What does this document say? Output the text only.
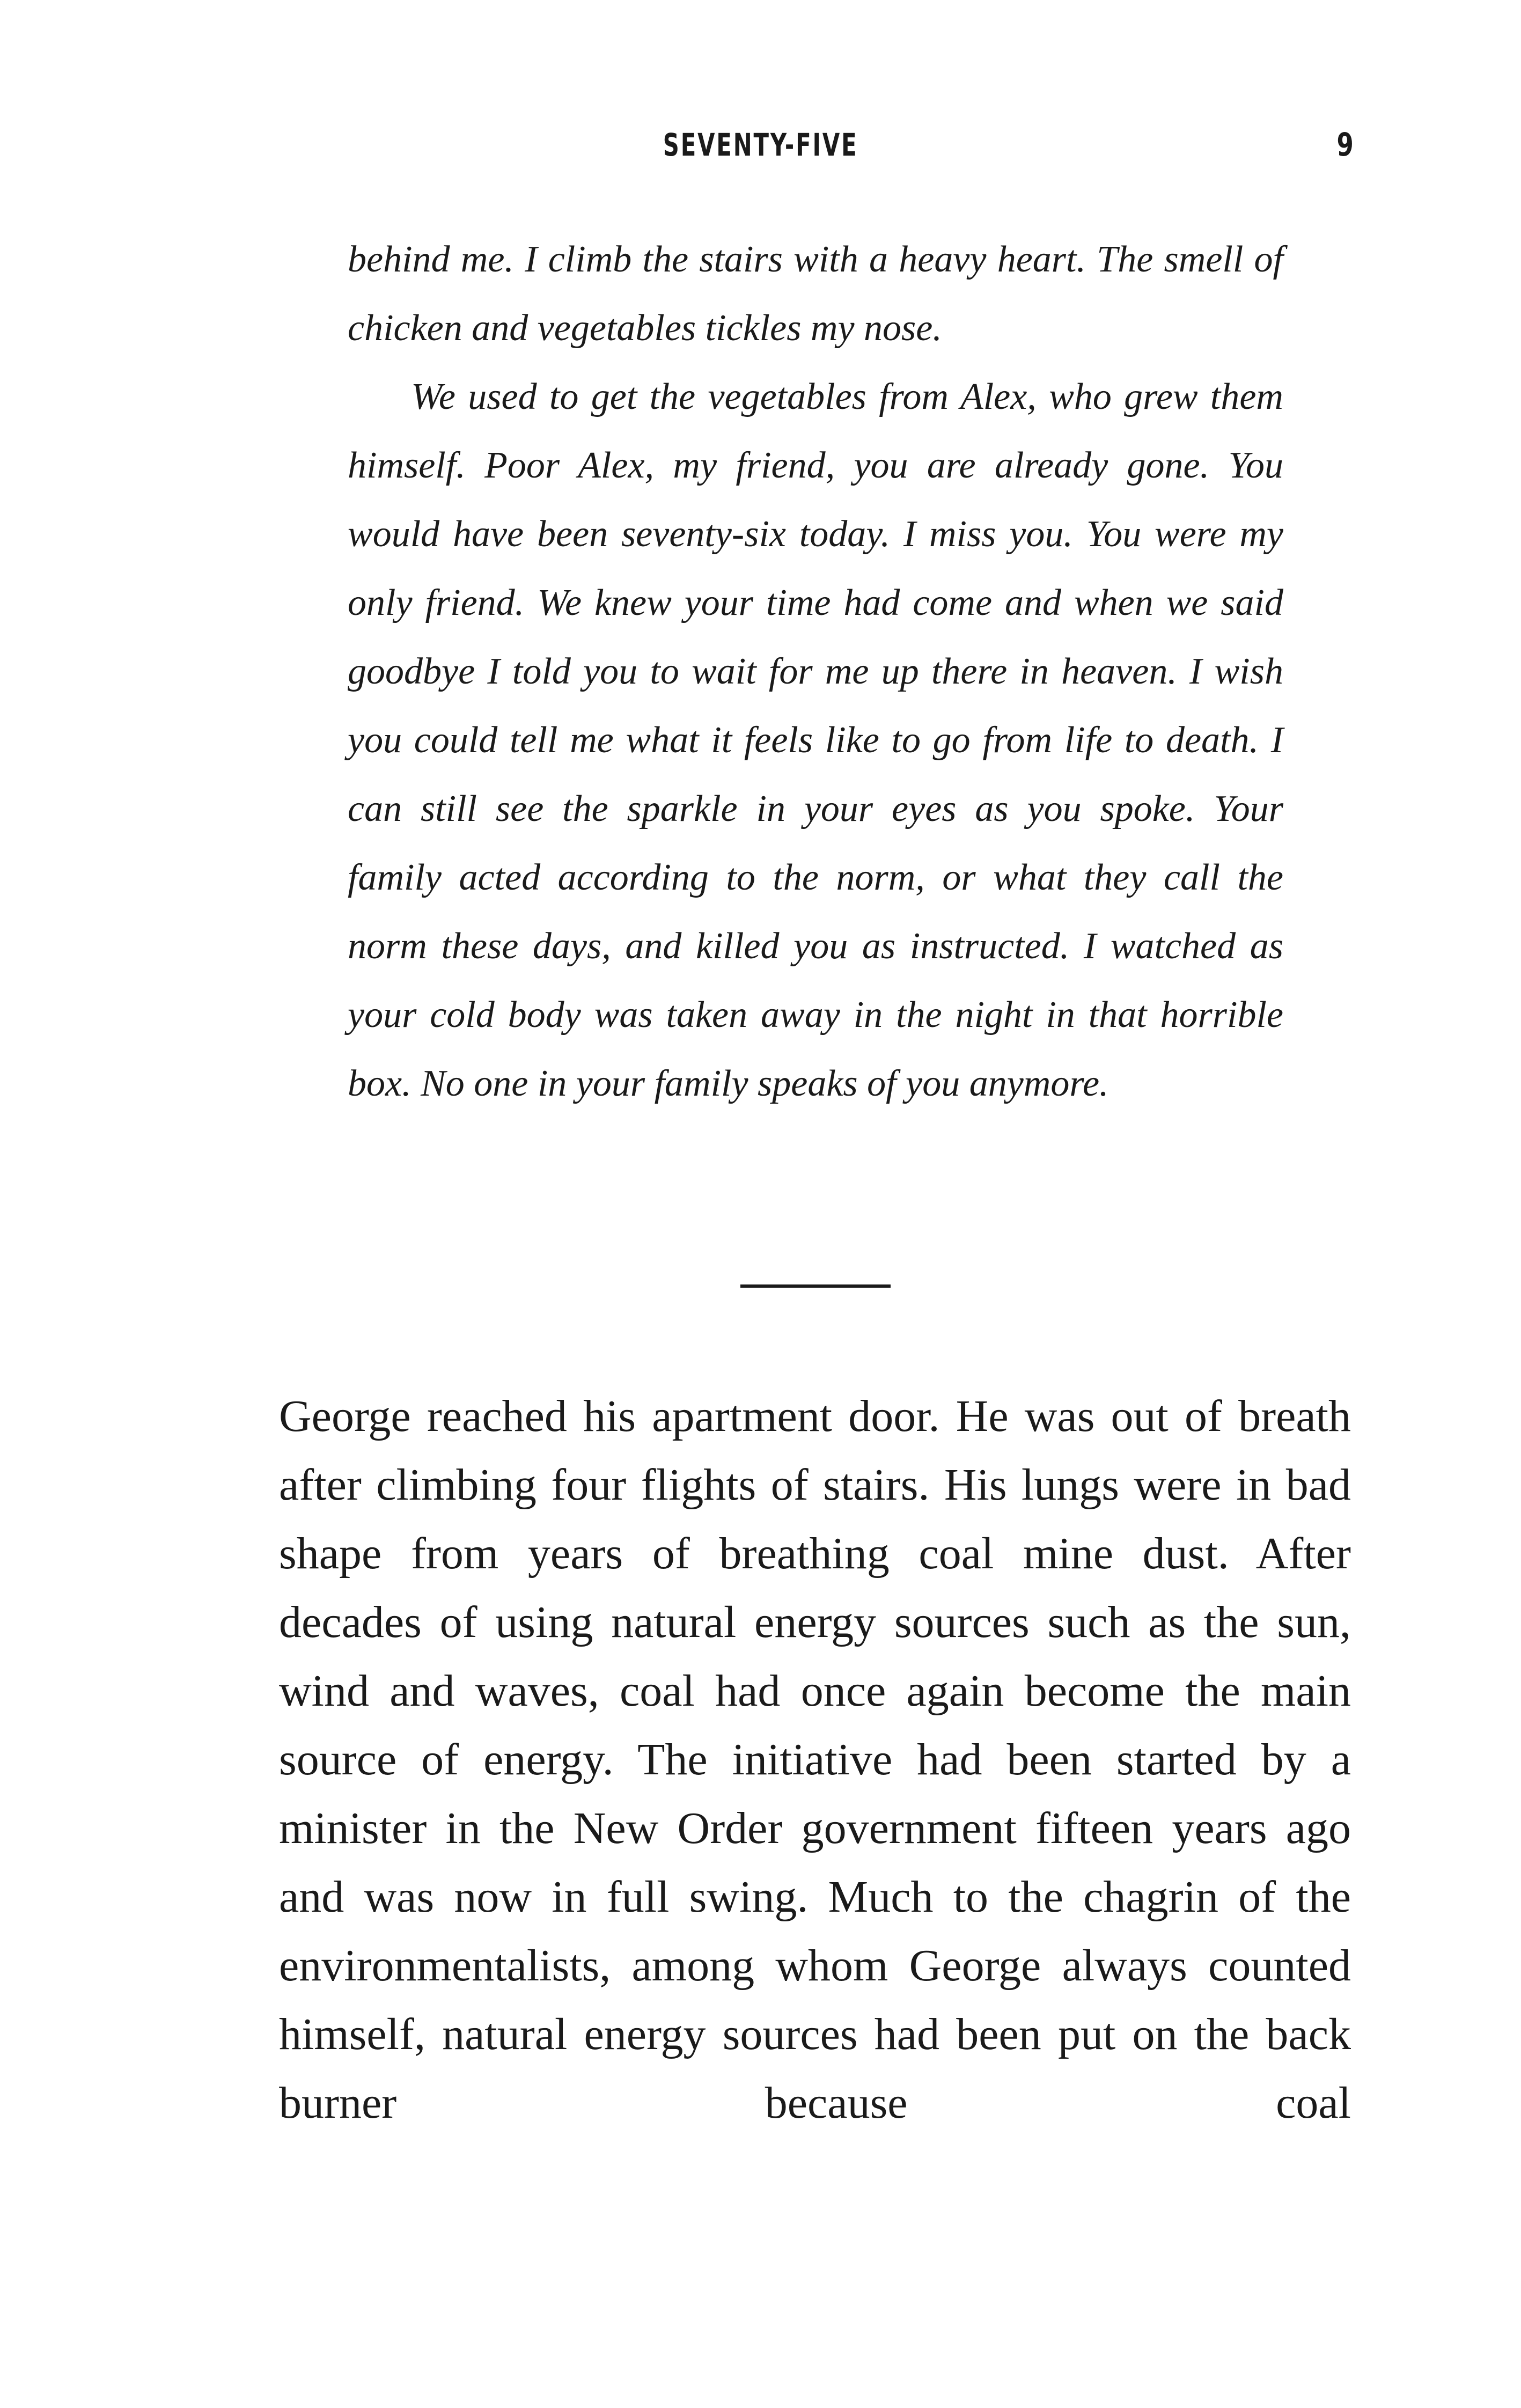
SEVENTY-FIVE	9

behind me. I climb the stairs with a heavy heart. The smell of chicken and vegetables tickles my nose.

We used to get the vegetables from Alex, who grew them himself. Poor Alex, my friend, you are already gone. You would have been seventy-six today. I miss you. You were my only friend. We knew your time had come and when we said goodbye I told you to wait for me up there in heaven. I wish you could tell me what it feels like to go from life to death. I can still see the sparkle in your eyes as you spoke. Your family acted according to the norm, or what they call the norm these days, and killed you as instructed. I watched as your cold body was taken away in the night in that horrible box. No one in your family speaks of you anymore.

George reached his apartment door. He was out of breath after climbing four flights of stairs. His lungs were in bad shape from years of breathing coal mine dust. After decades of using natural energy sources such as the sun, wind and waves, coal had once again become the main source of energy. The initiative had been started by a minister in the New Order government fifteen years ago and was now in full swing. Much to the chagrin of the environmentalists, among whom George always counted himself, natural energy sources had been put on the back burner because coal
